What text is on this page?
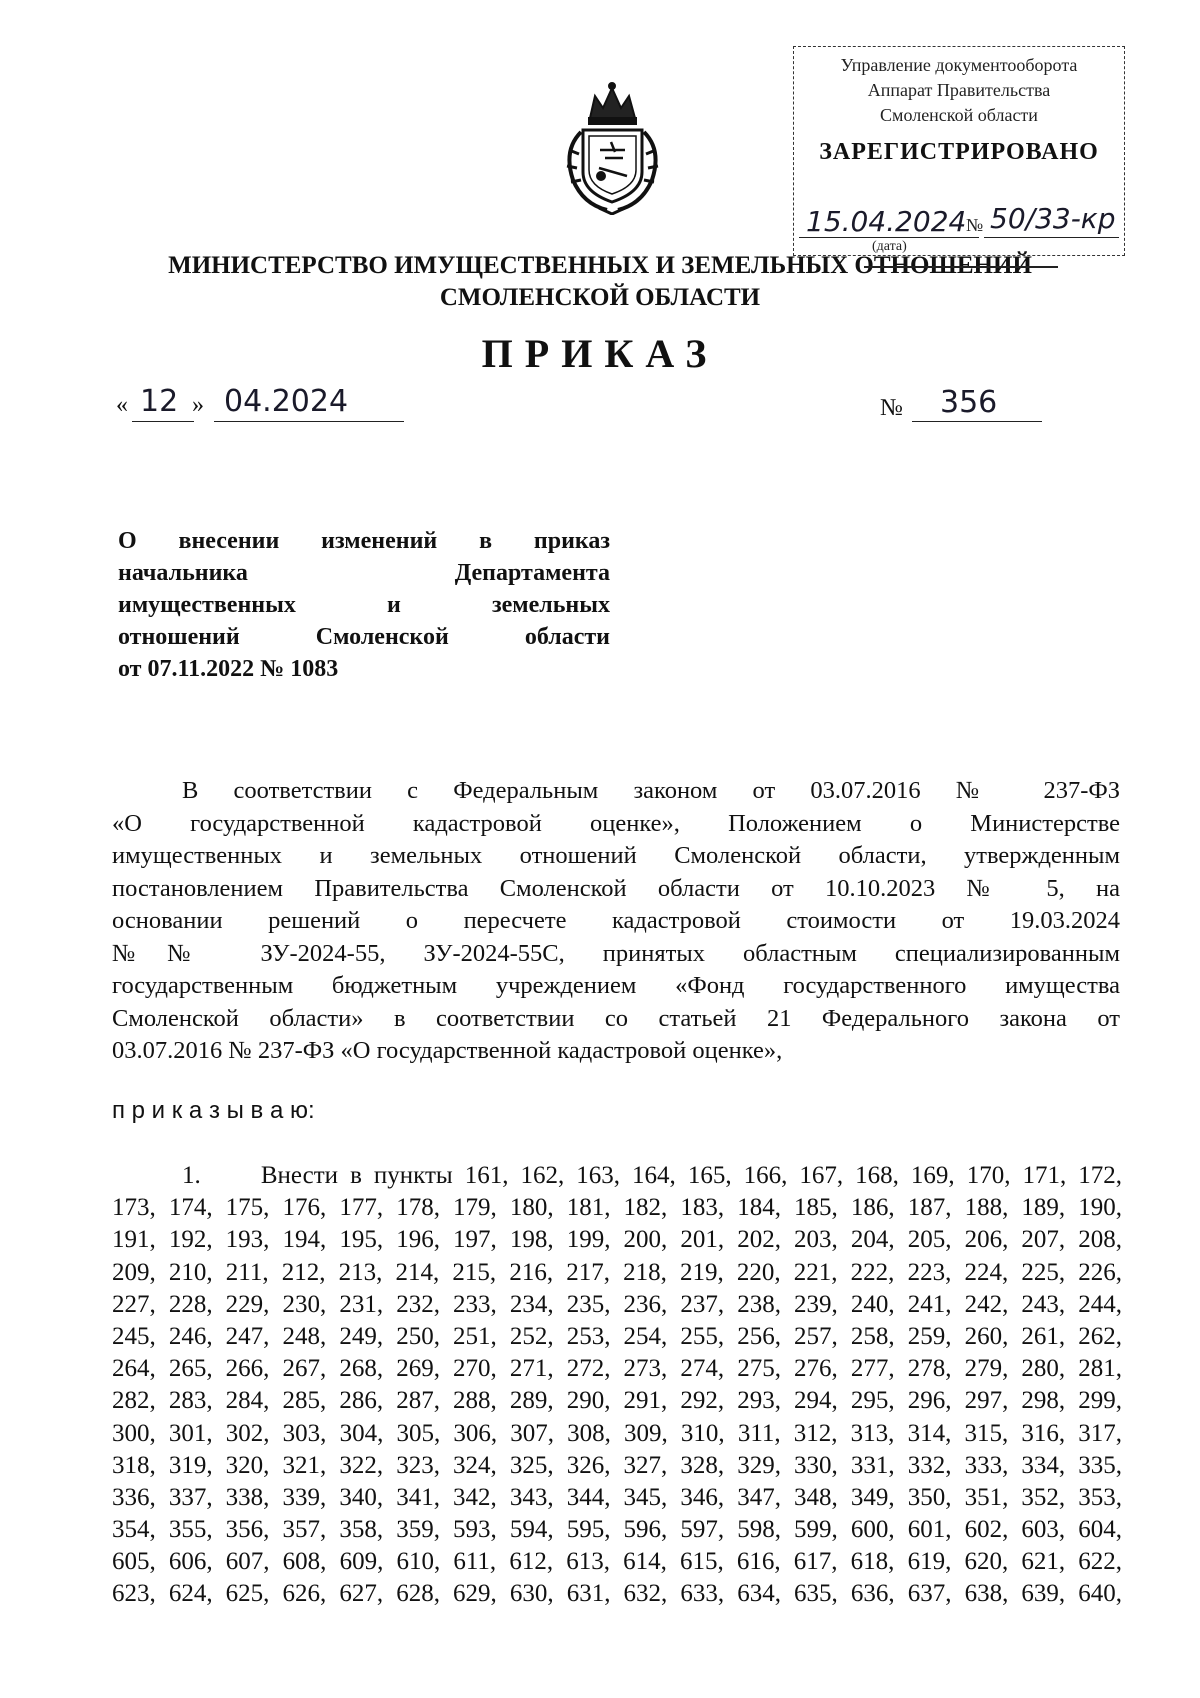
Управление документооборота
Аппарат Правительства
Смоленской области
ЗАРЕГИСТРИРОВАНО
15.04.2024
(дата)
№ 50/33-кр
МИНИСТЕРСТВО ИМУЩЕСТВЕННЫХ И ЗЕМЕЛЬНЫХ ОТНОШЕНИЙ
СМОЛЕНСКОЙ ОБЛАСТИ
ПРИКАЗ
« 12 » 04.2024	№ 356
О внесении изменений в приказ
начальника Департамента
имущественных и земельных
отношений Смоленской области
от 07.11.2022 № 1083
В соответствии с Федеральным законом от 03.07.2016 № 237-ФЗ
«О государственной кадастровой оценке», Положением о Министерстве
имущественных и земельных отношений Смоленской области, утвержденным
постановлением Правительства Смоленской области от 10.10.2023 № 5, на
основании решений о пересчете кадастровой стоимости от 19.03.2024
№№ ЗУ-2024-55, ЗУ-2024-55С, принятых областным специализированным
государственным бюджетным учреждением «Фонд государственного имущества
Смоленской области» в соответствии со статьей 21 Федерального закона от
03.07.2016 № 237-ФЗ «О государственной кадастровой оценке»,
п р и к а з ы в а ю:
1.     Внести в пункты 161, 162, 163, 164, 165, 166, 167, 168, 169, 170, 171, 172,
173, 174, 175, 176, 177, 178, 179, 180, 181, 182, 183, 184, 185, 186, 187, 188, 189, 190,
191, 192, 193, 194, 195, 196, 197, 198, 199, 200, 201, 202, 203, 204, 205, 206, 207, 208,
209, 210, 211, 212, 213, 214, 215, 216, 217, 218, 219, 220, 221, 222, 223, 224, 225, 226,
227, 228, 229, 230, 231, 232, 233, 234, 235, 236, 237, 238, 239, 240, 241, 242, 243, 244,
245, 246, 247, 248, 249, 250, 251, 252, 253, 254, 255, 256, 257, 258, 259, 260, 261, 262,
264, 265, 266, 267, 268, 269, 270, 271, 272, 273, 274, 275, 276, 277, 278, 279, 280, 281,
282, 283, 284, 285, 286, 287, 288, 289, 290, 291, 292, 293, 294, 295, 296, 297, 298, 299,
300, 301, 302, 303, 304, 305, 306, 307, 308, 309, 310, 311, 312, 313, 314, 315, 316, 317,
318, 319, 320, 321, 322, 323, 324, 325, 326, 327, 328, 329, 330, 331, 332, 333, 334, 335,
336, 337, 338, 339, 340, 341, 342, 343, 344, 345, 346, 347, 348, 349, 350, 351, 352, 353,
354, 355, 356, 357, 358, 359, 593, 594, 595, 596, 597, 598, 599, 600, 601, 602, 603, 604,
605, 606, 607, 608, 609, 610, 611, 612, 613, 614, 615, 616, 617, 618, 619, 620, 621, 622,
623, 624, 625, 626, 627, 628, 629, 630, 631, 632, 633, 634, 635, 636, 637, 638, 639, 640,
